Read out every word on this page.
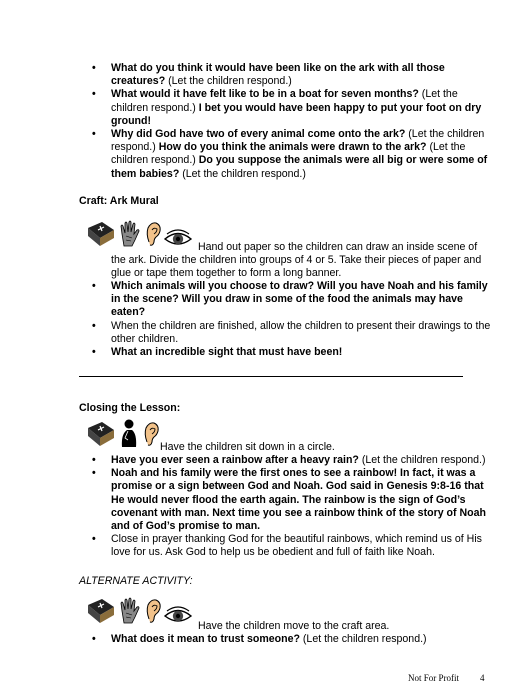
• What do you think it would have been like on the ark with all those creatures? (Let the children respond.)
• What would it have felt like to be in a boat for seven months? (Let the children respond.) I bet you would have been happy to put your foot on dry ground!
• Why did God have two of every animal come onto the ark? (Let the children respond.) How do you think the animals were drawn to the ark? (Let the children respond.) Do you suppose the animals were all big or were some of them babies? (Let the children respond.)
Craft: Ark Mural
Hand out paper so the children can draw an inside scene of
the ark. Divide the children into groups of 4 or 5. Take their pieces of paper and glue or tape them together to form a long banner.
• Which animals will you choose to draw? Will you have Noah and his family in the scene? Will you draw in some of the food the animals may have eaten?
• When the children are finished, allow the children to present their drawings to the other children.
• What an incredible sight that must have been!
Closing the Lesson:
Have the children sit down in a circle.
• Have you ever seen a rainbow after a heavy rain? (Let the children respond.)
• Noah and his family were the first ones to see a rainbow! In fact, it was a promise or a sign between God and Noah. God said in Genesis 9:8-16 that He would never flood the earth again. The rainbow is the sign of God’s covenant with man. Next time you see a rainbow think of the story of Noah and of God’s promise to man.
• Close in prayer thanking God for the beautiful rainbows, which remind us of His love for us. Ask God to help us be obedient and full of faith like Noah.
ALTERNATE ACTIVITY:
Have the children move to the craft area.
• What does it mean to trust someone? (Let the children respond.)
Not For Profit 4
